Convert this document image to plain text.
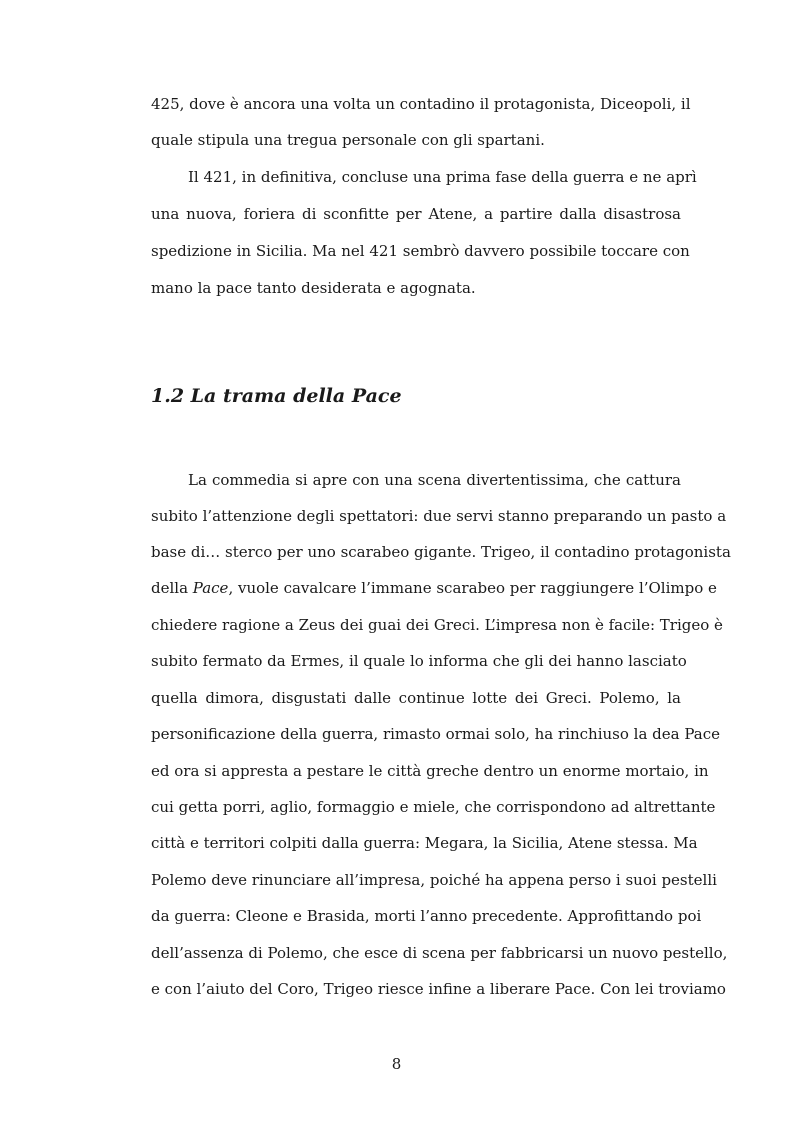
425, dove è ancora una volta un contadino il protagonista, Diceopoli, il
quale stipula una tregua personale con gli spartani.
Il 421, in definitiva, concluse una prima fase della guerra e ne aprì
una nuova, foriera di sconfitte per Atene, a partire dalla disastrosa
spedizione in Sicilia. Ma nel 421 sembrò davvero possibile toccare con
mano la pace tanto desiderata e agognata.
1.2 La trama della Pace
La commedia si apre con una scena divertentissima, che cattura
subito l’attenzione degli spettatori: due servi stanno preparando un pasto a
base di… sterco per uno scarabeo gigante. Trigeo, il contadino protagonista
della Pace, vuole cavalcare l’immane scarabeo per raggiungere l’Olimpo e
chiedere ragione a Zeus dei guai dei Greci. L’impresa non è facile: Trigeo è
subito fermato da Ermes, il quale lo informa che gli dei hanno lasciato
quella dimora, disgustati dalle continue lotte dei Greci. Polemo, la
personificazione della guerra, rimasto ormai solo, ha rinchiuso la dea Pace
ed ora si appresta a pestare le città greche dentro un enorme mortaio, in
cui getta porri, aglio, formaggio e miele, che corrispondono ad altrettante
città e territori colpiti dalla guerra: Megara, la Sicilia, Atene stessa. Ma
Polemo deve rinunciare all’impresa, poiché ha appena perso i suoi pestelli
da guerra: Cleone e Brasida, morti l’anno precedente. Approfittando poi
dell’assenza di Polemo, che esce di scena per fabbricarsi un nuovo pestello,
e con l’aiuto del Coro, Trigeo riesce infine a liberare Pace. Con lei troviamo
8
